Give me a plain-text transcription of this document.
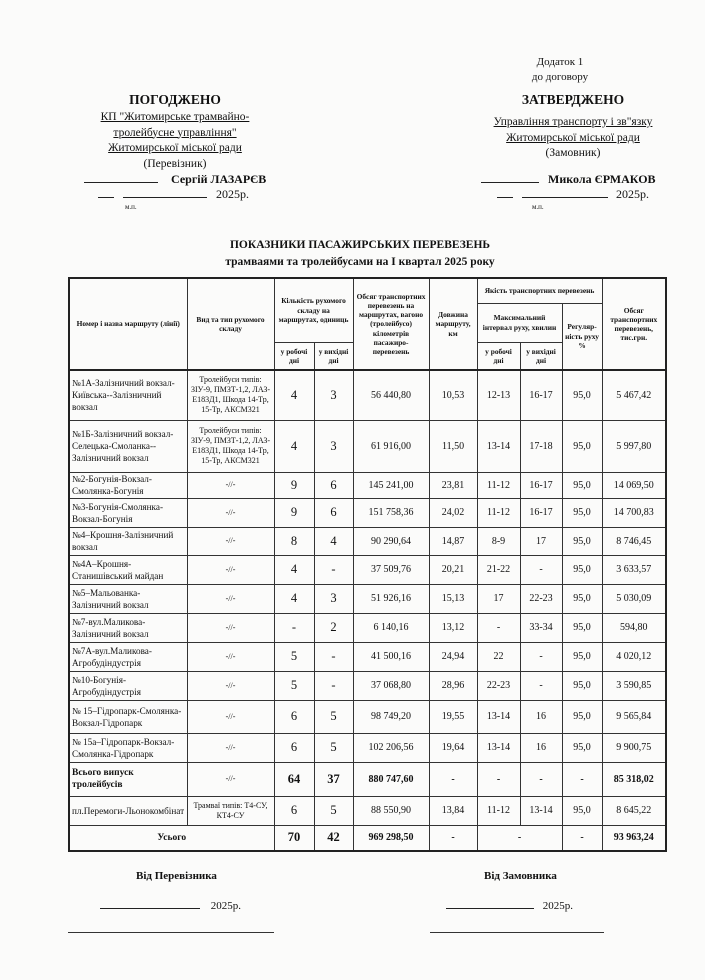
Додаток 1
до договору
ПОГОДЖЕНО
КП "Житомирське трамвайно-
тролейбусне управління"
Житомирської міської ради
(Перевізник)
Сергій ЛАЗАРЄВ
2025р.
м.п.
ЗАТВЕРДЖЕНО
Управління транспорту і зв"язку
Житомирської міської ради
(Замовник)
Микола ЄРМАКОВ
2025р.
м.п.
ПОКАЗНИКИ ПАСАЖИРСЬКИХ ПЕРЕВЕЗЕНЬ
трамваями та тролейбусами на І квартал 2025 року
Номер і назва маршруту (лінії)	Вид та тип рухомого складу	Кількість рухомого складу на маршрутах, одиниць		Обсяг транспортних перевезень на маршрутах, вагоно (тролейбусо) кілометрів пасажиро-перевезень	Довжина маршруту, км	Якість транспортних перевезень			Обсяг транспортних перевезень, тис.грн.
						Максимальний інтервал руху, хвилин		Регуляр-ність руху %	
		у робочі дні	у вихідні дні			у робочі дні	у вихідні дні		
№1А-Залізничний вокзал-Київська--Залізничний вокзал	Тролейбуси типів: ЗІУ-9, ПМЗТ-1,2, ЛАЗ-Е183Д1, Шкода 14-Тр, 15-Тр, АКСМ321	4	3	56 440,80	10,53	12-13	16-17	95,0	5 467,42
№1Б-Залізничний вокзал-Селецька-Смоланка--Залізничний вокзал	Тролейбуси типів: ЗІУ-9, ПМЗТ-1,2, ЛАЗ-Е183Д1, Шкода 14-Тр, 15-Тр, АКСМ321	4	3	61 916,00	11,50	13-14	17-18	95,0	5 997,80
№2-Богунія-Вокзал-Смолянка-Богунія	-//-	9	6	145 241,00	23,81	11-12	16-17	95,0	14 069,50
№3-Богунія-Смолянка-Вокзал-Богунія	-//-	9	6	151 758,36	24,02	11-12	16-17	95,0	14 700,83
№4–Крошня-Залізничний вокзал	-//-	8	4	90 290,64	14,87	8-9	17	95,0	8 746,45
№4А–Крошня-Станишівський майдан	-//-	4	-	37 509,76	20,21	21-22	-	95,0	3 633,57
№5–Мальованка-Залізничний вокзал	-//-	4	3	51 926,16	15,13	17	22-23	95,0	5 030,09
№7-вул.Маликова-Залізничний вокзал	-//-	-	2	6 140,16	13,12	-	33-34	95,0	594,80
№7А-вул.Маликова-Агробудіндустрія	-//-	5	-	41 500,16	24,94	22	-	95,0	4 020,12
№10-Богунія-Агробудіндустрія	-//-	5	-	37 068,80	28,96	22-23	-	95,0	3 590,85
№ 15–Гідропарк-Смолянка-Вокзал-Гідропарк	-//-	6	5	98 749,20	19,55	13-14	16	95,0	9 565,84
№ 15а–Гідропарк-Вокзал-Смолянка-Гідропарк	-//-	6	5	102 206,56	19,64	13-14	16	95,0	9 900,75
Всього випуск тролейбусів	-//-	64	37	880 747,60	-	-	-	-	85 318,02
пл.Перемоги-Льонокомбінат	Трамваї типів: Т4-СУ, КТ4-СУ	6	5	88 550,90	13,84	11-12	13-14	95,0	8 645,22
Усього		70	42	969 298,50	-	-		-	93 963,24
Від Перевізника
2025р.
Від Замовника
2025р.
